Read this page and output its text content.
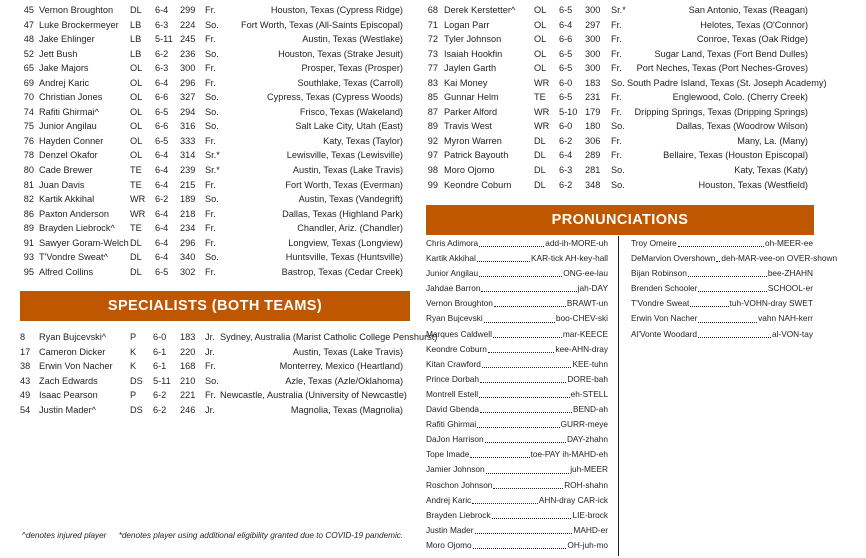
45 Vernon Broughton DL 6-4 299 Fr.	Houston, Texas (Cypress Ridge)
47 Luke Brockermeyer LB 6-3 224 So.	Fort Worth, Texas (All-Saints Episcopal)
48 Jake Ehlinger	LB 5-11 245 Fr.	Austin, Texas (Westlake)
52 Jett Bush	LB 6-2 236 So.	Houston, Texas (Strake Jesuit)
65 Jake Majors	OL 6-3 300 Fr.	Prosper, Texas (Prosper)
69 Andrej Karic	OL 6-4 296 Fr.	Southlake, Texas (Carroll)
70 Christian Jones	OL 6-6 327 So.	Cypress, Texas (Cypress Woods)
74 Rafiti Ghirmai^	OL 6-5 294 So.	Frisco, Texas (Wakeland)
75 Junior Angilau	OL 6-6 316 So.	Salt Lake City, Utah (East)
76 Hayden Conner	OL 6-5 333 Fr.	Katy, Texas (Taylor)
78 Denzel Okafor	OL 6-4 314 Sr.*	Lewisville, Texas (Lewisville)
80 Cade Brewer	TE 6-4 239 Sr.*	Austin, Texas (Lake Travis)
81 Juan Davis	TE 6-4 215 Fr.	Fort Worth, Texas (Everman)
82 Kartik Akkihal	WR 6-2 189 So.	Austin, Texas (Vandegrift)
86 Paxton Anderson WR 6-4 218 Fr.	Dallas, Texas (Highland Park)
89 Brayden Liebrock^ TE 6-4 234 Fr.	Chandler, Ariz. (Chandler)
91 Sawyer Goram-Welch DL 6-4 296 Fr.	Longview, Texas (Longview)
93 T'Vondre Sweat^ DL 6-4 340 So.	Huntsville, Texas (Huntsville)
95 Alfred Collins	DL 6-5 302 Fr.	Bastrop, Texas (Cedar Creek)
68 Derek Kerstetter^ OL 6-5 300 Sr.*	San Antonio, Texas (Reagan)
71 Logan Parr	OL 6-4 297 Fr.	Helotes, Texas (O'Connor)
72 Tyler Johnson	OL 6-6 300 Fr.	Conroe, Texas (Oak Ridge)
73 Isaiah Hookfin	OL 6-5 300 Fr.	Sugar Land, Texas (Fort Bend Dulles)
77 Jaylen Garth	OL 6-5 300 Fr.	Port Neches, Texas (Port Neches-Groves)
83 Kai Money	WR 6-0 183 So. South Padre Island, Texas (St. Joseph Academy)
85 Gunnar Helm	TE 6-5 231 Fr.	Englewood, Colo. (Cherry Creek)
87 Parker Alford	WR 5-10 179 Fr.	Dripping Springs, Texas (Dripping Springs)
89 Travis West	WR 6-0 180 So.	Dallas, Texas (Woodrow Wilson)
92 Myron Warren	DL 6-2 306 Fr.	Many, La. (Many)
97 Patrick Bayouth	DL 6-4 289 Fr.	Bellaire, Texas (Houston Episcopal)
98 Moro Ojomo	DL 6-3 281 So.	Katy, Texas (Katy)
99 Keondre Coburn DL 6-2 348 So.	Houston, Texas (Westfield)
SPECIALISTS (BOTH TEAMS)
8 Ryan Bujcevski^	P 6-0 183 Jr. Sydney, Australia (Marist Catholic College Penshurst)
17 Cameron Dicker	K 6-1 220 Jr.	Austin, Texas (Lake Travis)
38 Erwin Von Nacher K 6-1 168 Fr.	Monterrey, Mexico (Heartland)
43 Zach Edwards	DS 5-11 210 So.	Azle, Texas (Azle/Oklahoma)
49 Isaac Pearson	P 6-2 221 Fr. Newcastle, Australia (University of Newcastle)
54 Justin Mader^	DS 6-2 246 Jr.	Magnolia, Texas (Magnolia)
^denotes injured player *denotes player using additional eligibility granted due to COVID-19 pandemic.
PRONUNCIATIONS
Chris Adimora	add-ih-MORE-uh
Kartik Akkihal	KAR-tick AH-key-hall
Junior Angilau	ONG-ee-lau
Jahdae Barron	jah-DAY
Vernon Broughton	BRAWT-un
Ryan Bujcevski	boo-CHEV-ski
Marques Caldwell	mar-KEECE
Keondre Coburn	kee-AHN-dray
Kitan Crawford	KEE-tuhn
Prince Dorbah	DORE-bah
Montrell Estell	eh-STELL
David Gbenda	BEND-ah
Rafiti Ghirmai	GURR-meye
DaJon Harrison	DAY-zhahn
Tope Imade	toe-PAY ih-MAHD-eh
Jamier Johnson	juh-MEER
Roschon Johnson	ROH-shahn
Andrej Karic	AHN-dray CAR-ick
Brayden Liebrock	LIE-brock
Justin Mader	MAHD-er
Moro Ojomo	OH-juh-mo
Troy Omeire	oh-MEER-ee
DeMarvion Overshown deh-MAR-vee-on OVER-shown
Bijan Robinson	bee-ZHAHN
Brenden Schooler	SCHOOL-er
T'Vondre Sweat	tuh-VOHN-dray SWET
Erwin Von Nacher	vahn NAH-kerr
Al'Vonte Woodard	al-VON-tay
